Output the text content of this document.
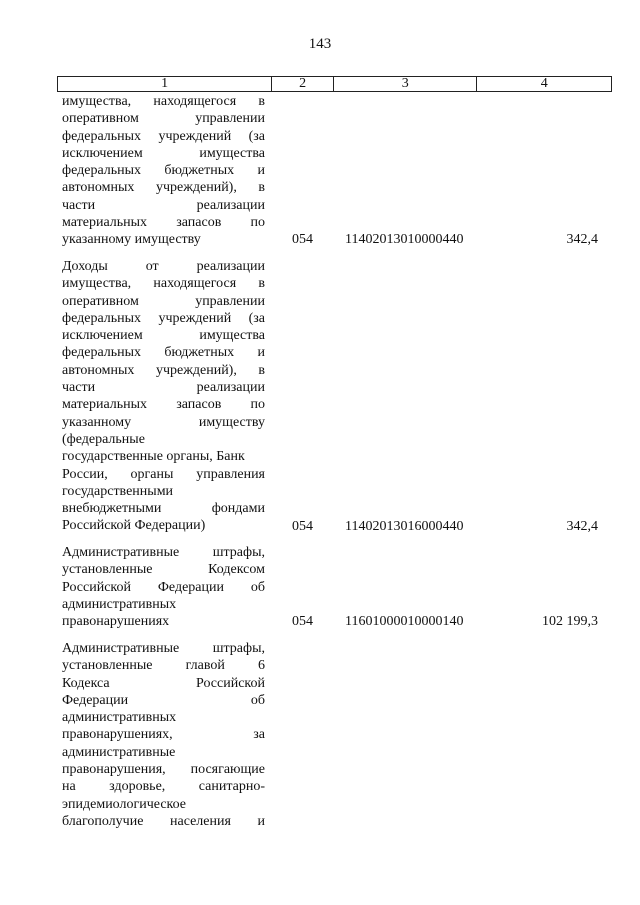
143
1	2	3	4
имущества, находящегося в
оперативном управлении
федеральных учреждений (за
исключением имущества
федеральных бюджетных и
автономных учреждений), в
части реализации
материальных запасов по
указанному имуществу	054 11402013010000440	342,4
Доходы от реализации
имущества, находящегося в
оперативном управлении
федеральных учреждений (за
исключением имущества
федеральных бюджетных и
автономных учреждений), в
части реализации
материальных запасов по
указанному имуществу
(федеральные
государственные органы, Банк
России, органы управления
государственными
внебюджетными фондами
Российской Федерации)	054 11402013016000440	342,4
Административные штрафы,
установленные Кодексом
Российской Федерации об
административных
правонарушениях	054 11601000010000140	102 199,3
Административные штрафы,
установленные главой 6
Кодекса Российской
Федерации об
административных
правонарушениях, за
административные
правонарушения, посягающие
на здоровье, санитарно-
эпидемиологическое
благополучие населения и
